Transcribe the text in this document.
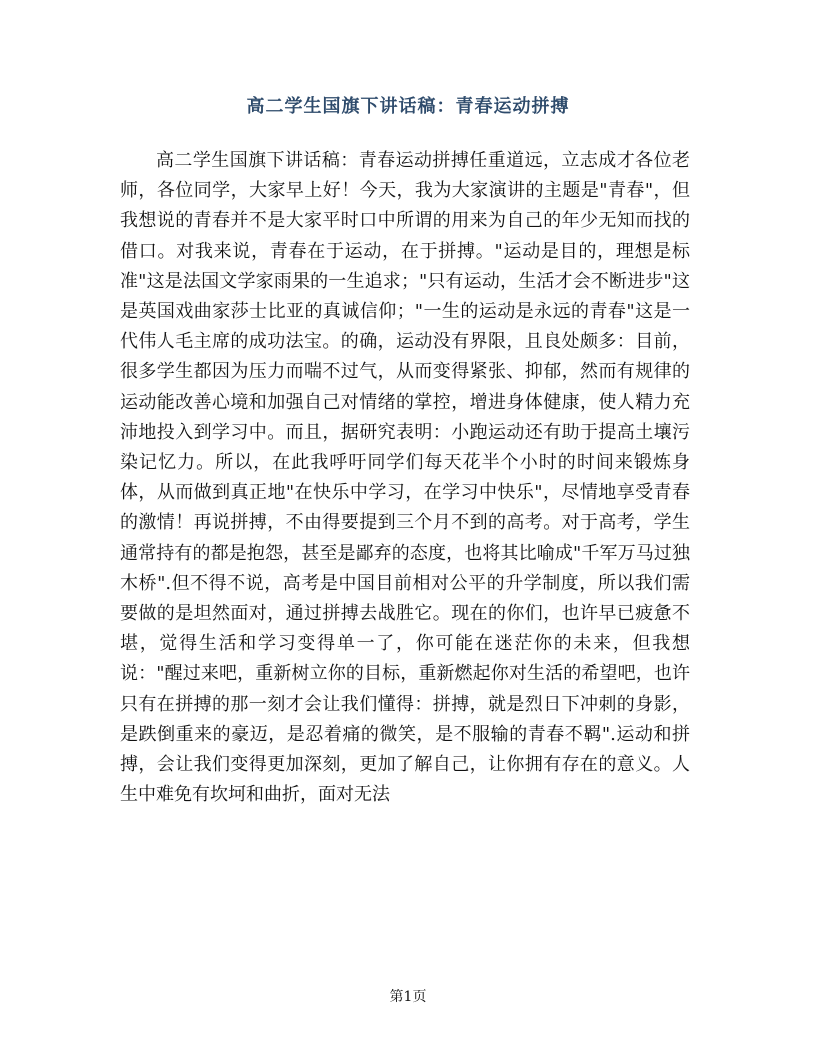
高二学生国旗下讲话稿：青春运动拼搏

高二学生国旗下讲话稿：青春运动拼搏任重道远，立志成才各位老师，各位同学，大家早上好！今天，我为大家演讲的主题是"青春"，但我想说的青春并不是大家平时口中所谓的用来为自己的年少无知而找的借口。对我来说，青春在于运动，在于拼搏。"运动是目的，理想是标准"这是法国文学家雨果的一生追求；"只有运动，生活才会不断进步"这是英国戏曲家莎士比亚的真诚信仰；"一生的运动是永远的青春"这是一代伟人毛主席的成功法宝。的确，运动没有界限，且良处颇多：目前，很多学生都因为压力而喘不过气，从而变得紧张、抑郁，然而有规律的运动能改善心境和加强自己对情绪的掌控，增进身体健康，使人精力充沛地投入到学习中。而且，据研究表明：小跑运动还有助于提高土壤污染记忆力。所以，在此我呼吁同学们每天花半个小时的时间来锻炼身体，从而做到真正地"在快乐中学习，在学习中快乐"，尽情地享受青春的激情！再说拼搏，不由得要提到三个月不到的高考。对于高考，学生通常持有的都是抱怨，甚至是鄙弃的态度，也将其比喻成"千军万马过独木桥".但不得不说，高考是中国目前相对公平的升学制度，所以我们需要做的是坦然面对，通过拼搏去战胜它。现在的你们，也许早已疲惫不堪，觉得生活和学习变得单一了，你可能在迷茫你的未来，但我想说："醒过来吧，重新树立你的目标，重新燃起你对生活的希望吧，也许只有在拼搏的那一刻才会让我们懂得：拼搏，就是烈日下冲刺的身影，是跌倒重来的豪迈，是忍着痛的微笑，是不服输的青春不羁".运动和拼搏，会让我们变得更加深刻，更加了解自己，让你拥有存在的意义。人生中难免有坎坷和曲折，面对无法

第1页
